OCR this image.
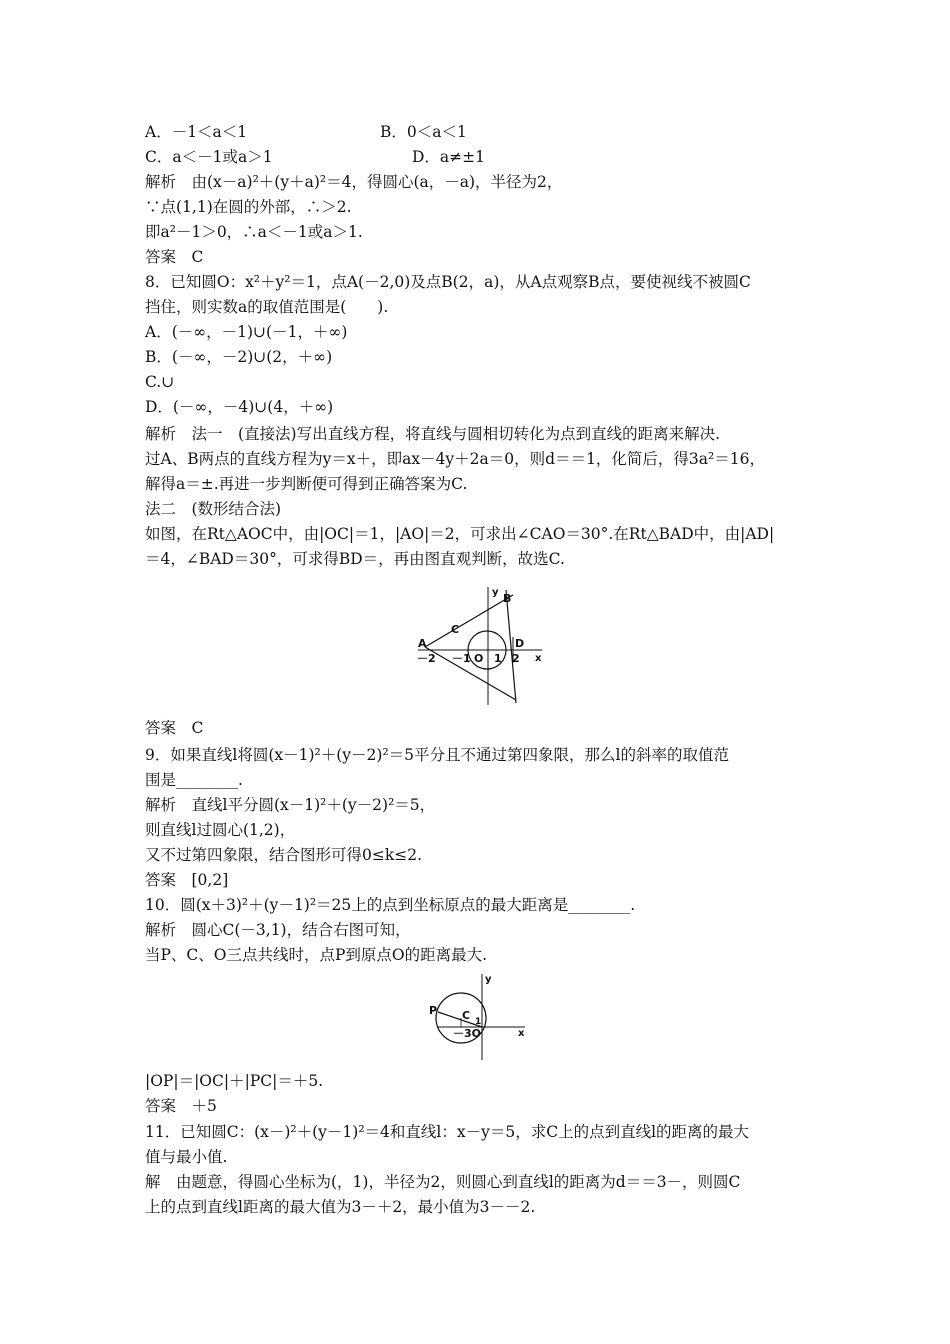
A．－1＜a＜1	B．0＜a＜1
C．a＜－1或a＞1	D．a≠±1
解析　由(x－a)²＋(y＋a)²＝4，得圆心(a，－a)，半径为2，
∵点(1,1)在圆的外部，∴＞2.
即a²－1＞0，∴a＜－1或a＞1.
答案　C
8．已知圆O：x²＋y²＝1，点A(－2,0)及点B(2，a)，从A点观察B点，要使视线不被圆C
挡住，则实数a的取值范围是(　　).
A．(－∞，－1)∪(－1，＋∞)
B．(－∞，－2)∪(2，＋∞)
C.∪
D．(－∞，－4)∪(4，＋∞)
解析　法一　(直接法)写出直线方程，将直线与圆相切转化为点到直线的距离来解决.
过A、B两点的直线方程为y＝x＋，即ax－4y＋2a＝0，则d＝＝1，化简后，得3a²＝16，
解得a＝±.再进一步判断便可得到正确答案为C.
法二　(数形结合法)
如图，在Rt△AOC中，由|OC|＝1，|AO|＝2，可求出∠CAO＝30°.在Rt△BAD中，由|AD|
＝4，∠BAD＝30°，可求得BD＝，再由图直观判断，故选C.
y B
C
A	D
x
－2 －1 O 1 2
答案　C
9．如果直线l将圆(x－1)²＋(y－2)²＝5平分且不通过第四象限，那么l的斜率的取值范
围是________.
解析　直线l平分圆(x－1)²＋(y－2)²＝5，
则直线l过圆心(1,2)，
又不过第四象限，结合图形可得0≤k≤2.
答案　[0,2]
10．圆(x＋3)²＋(y－1)²＝25上的点到坐标原点的最大距离是________.
解析　圆心C(－3,1)，结合右图可知，
当P、C、O三点共线时，点P到原点O的距离最大.
y
P C 1
－3O	x
|OP|＝|OC|＋|PC|＝＋5.
答案　＋5
11．已知圆C：(x－)²＋(y－1)²＝4和直线l：x－y＝5，求C上的点到直线l的距离的最大
值与最小值.
解　由题意，得圆心坐标为(，1)，半径为2，则圆心到直线l的距离为d＝＝3－，则圆C
上的点到直线l距离的最大值为3－＋2，最小值为3－－2.
